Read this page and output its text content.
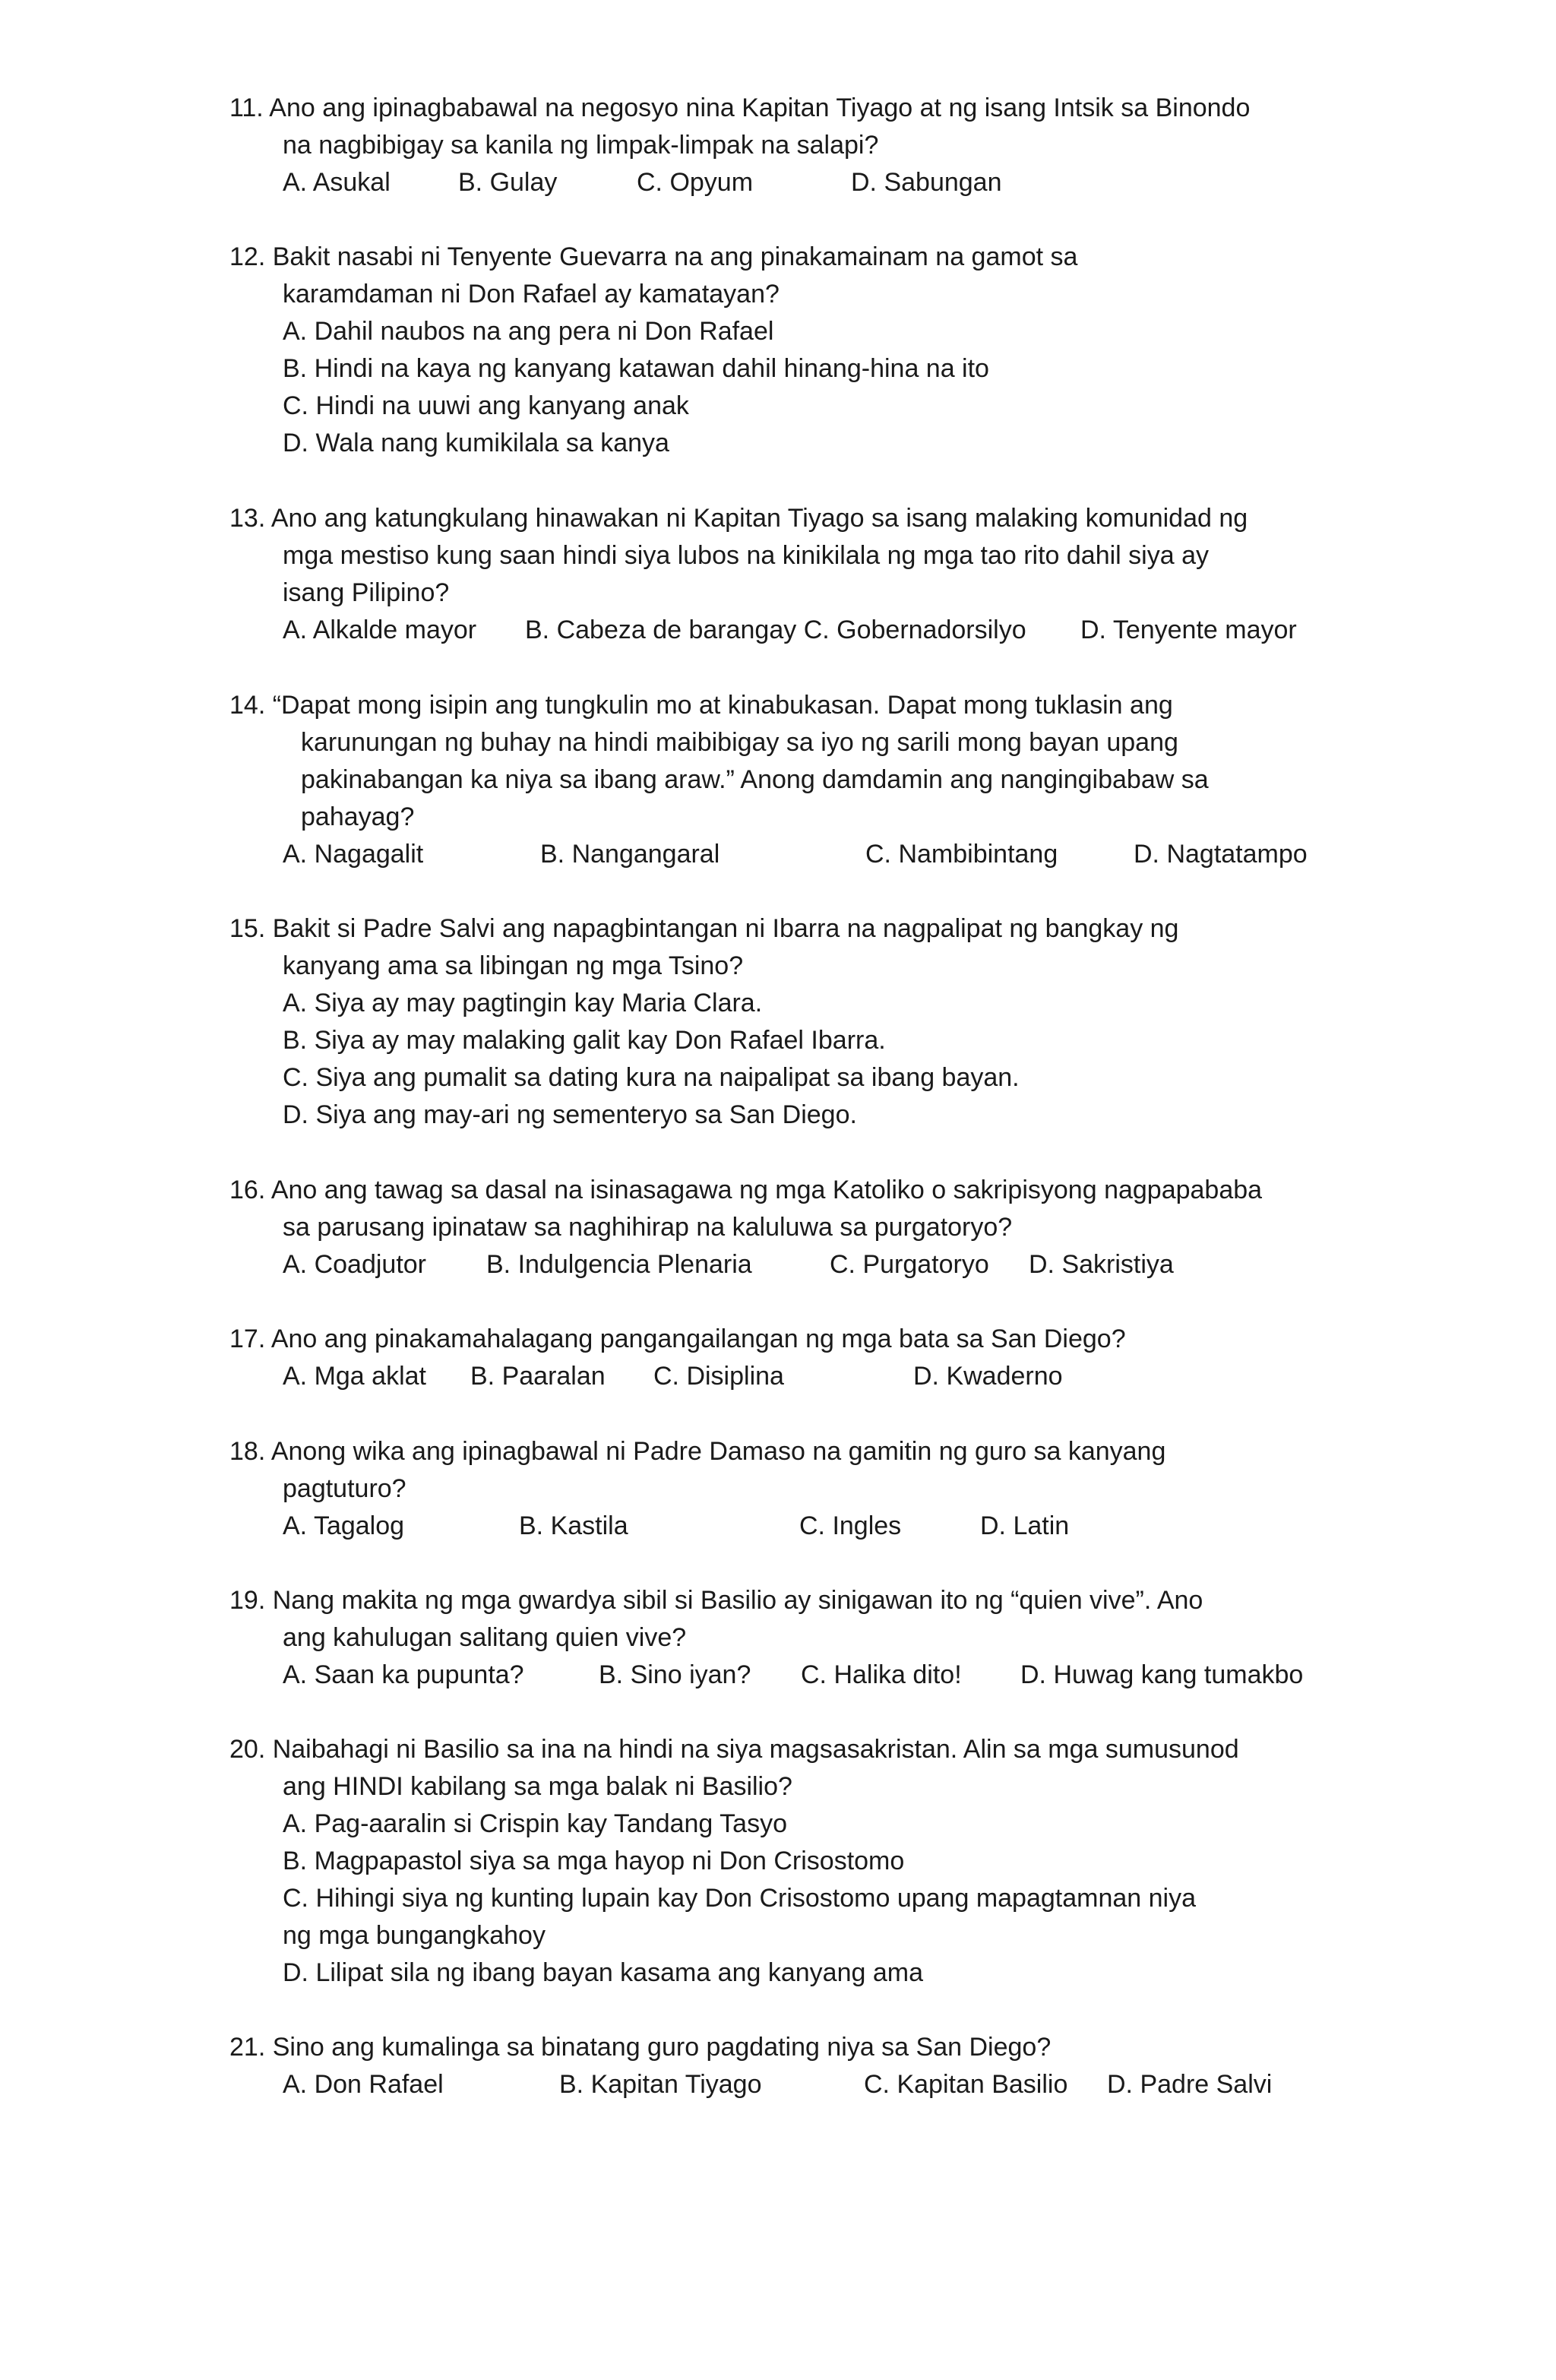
11. Ano ang ipinagbabawal na negosyo nina Kapitan Tiyago at ng isang Intsik sa Binondo
na nagbibigay sa kanila ng limpak-limpak na salapi?
A. Asukal	B. Gulay	C. Opyum	D. Sabungan
12. Bakit nasabi ni Tenyente Guevarra na ang pinakamainam na gamot sa
karamdaman ni Don Rafael ay kamatayan?
A. Dahil naubos na ang pera ni Don Rafael
B. Hindi na kaya ng kanyang katawan dahil hinang-hina na ito
C. Hindi na uuwi ang kanyang anak
D. Wala nang kumikilala sa kanya
13. Ano ang katungkulang hinawakan ni Kapitan Tiyago sa isang malaking komunidad ng
mga mestiso kung saan hindi siya lubos na kinikilala ng mga tao rito dahil siya ay
isang Pilipino?
A. Alkalde mayor B. Cabeza de barangay C. Gobernadorsilyo D. Tenyente mayor
14. “Dapat mong isipin ang tungkulin mo at kinabukasan. Dapat mong tuklasin ang
karunungan ng buhay na hindi maibibigay sa iyo ng sarili mong bayan upang
pakinabangan ka niya sa ibang araw.” Anong damdamin ang nangingibabaw sa
pahayag?
A. Nagagalit	B. Nangangaral	C. Nambibintang	D. Nagtatampo
15. Bakit si Padre Salvi ang napagbintangan ni Ibarra na nagpalipat ng bangkay ng
kanyang ama sa libingan ng mga Tsino?
A. Siya ay may pagtingin kay Maria Clara.
B. Siya ay may malaking galit kay Don Rafael Ibarra.
C. Siya ang pumalit sa dating kura na naipalipat sa ibang bayan.
D. Siya ang may-ari ng sementeryo sa San Diego.
16. Ano ang tawag sa dasal na isinasagawa ng mga Katoliko o sakripisyong nagpapababa
sa parusang ipinataw sa naghihirap na kaluluwa sa purgatoryo?
A. Coadjutor B. Indulgencia Plenaria	C. Purgatoryo D. Sakristiya
17. Ano ang pinakamahalagang pangangailangan ng mga bata sa San Diego?
A. Mga aklat B. Paaralan C. Disiplina	D. Kwaderno
18. Anong wika ang ipinagbawal ni Padre Damaso na gamitin ng guro sa kanyang
pagtuturo?
A. Tagalog	B. Kastila	C. Ingles	D. Latin
19. Nang makita ng mga gwardya sibil si Basilio ay sinigawan ito ng “quien vive”. Ano
ang kahulugan salitang quien vive?
A. Saan ka pupunta?	B. Sino iyan? C. Halika dito! D. Huwag kang tumakbo
20. Naibahagi ni Basilio sa ina na hindi na siya magsasakristan. Alin sa mga sumusunod
ang HINDI kabilang sa mga balak ni Basilio?
A. Pag-aaralin si Crispin kay Tandang Tasyo
B. Magpapastol siya sa mga hayop ni Don Crisostomo
C. Hihingi siya ng kunting lupain kay Don Crisostomo upang mapagtamnan niya
ng mga bungangkahoy
D. Lilipat sila ng ibang bayan kasama ang kanyang ama
21. Sino ang kumalinga sa binatang guro pagdating niya sa San Diego?
A. Don Rafael	B. Kapitan Tiyago	C. Kapitan Basilio D. Padre Salvi
